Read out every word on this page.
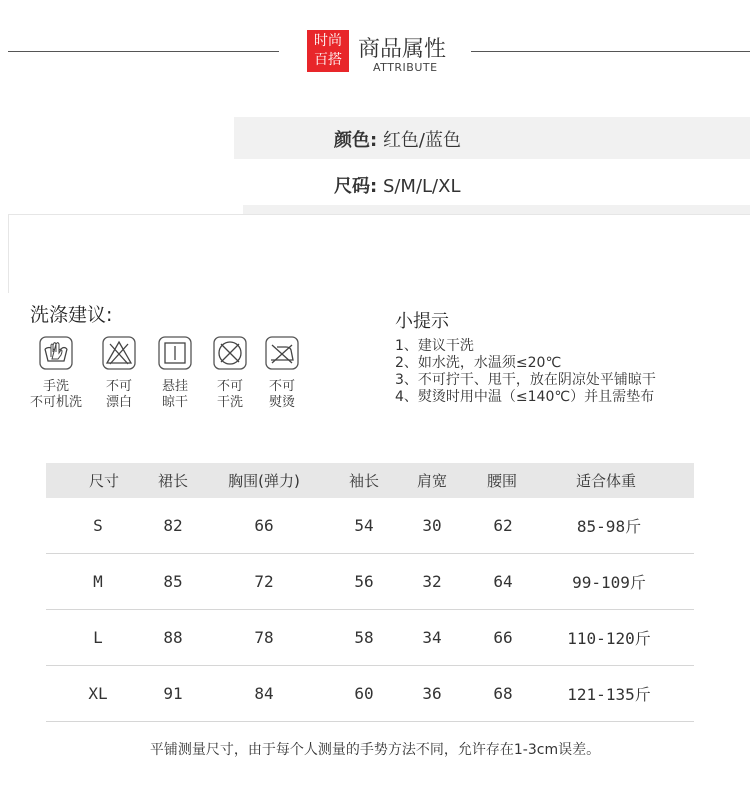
时尚
百搭 商品属性
ATTRIBUTE
颜色: 红色/蓝色
尺码: S/M/L/XL
洗涤建议:
手洗
不可机洗
不可
漂白
悬挂
晾干
不可
干洗
不可
熨烫
小提示
1、建议干洗
2、如水洗，水温须≤20℃
3、不可拧干、甩干，放在阴凉处平铺晾干
4、熨烫时用中温（≤140℃）并且需垫布
尺寸	裙长	胸围(弹力)	袖长	肩宽	腰围	适合体重
S	82	66	54	30	62	85-98斤
M	85	72	56	32	64	99-109斤
L	88	78	58	34	66	110-120斤
XL	91	84	60	36	68	121-135斤
平铺测量尺寸，由于每个人测量的手势方法不同，允许存在1-3cm误差。
